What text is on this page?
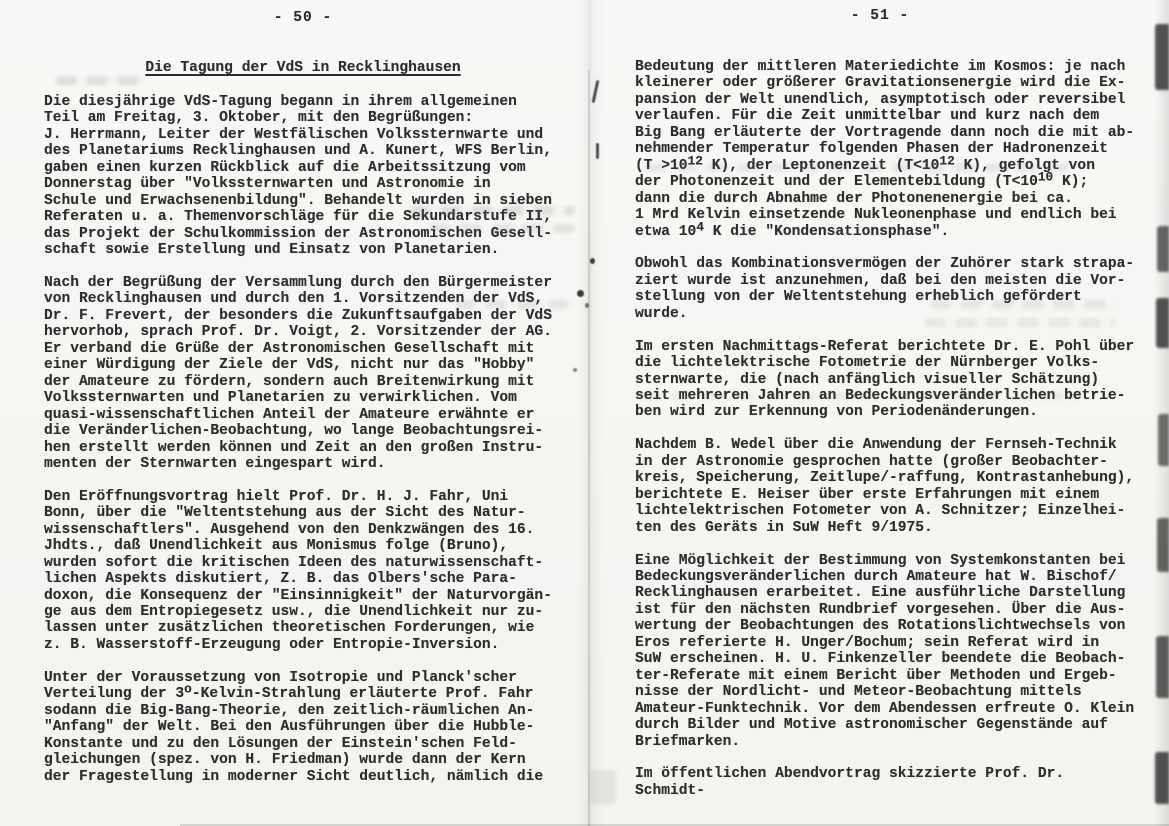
- 50 -
Die Tagung der VdS in Recklinghausen
Die diesjährige VdS-Tagung begann in ihrem allgemeinen
Teil am Freitag, 3. Oktober, mit den Begrüßungen:
J. Herrmann, Leiter der Westfälischen Volkssternwarte und
des Planetariums Recklinghausen und A. Kunert, WFS Berlin,
gaben einen kurzen Rückblick auf die Arbeitssitzung vom
Donnerstag über "Volkssternwarten und Astronomie in
Schule und Erwachsenenbildung". Behandelt wurden in sieben
Referaten u. a. Themenvorschläge für die Sekundarstufe II,
das Projekt der Schulkommission der Astronomischen Gesell-
schaft sowie Erstellung und Einsatz von Planetarien.
Nach der Begrüßung der Versammlung durch den Bürgermeister
von Recklinghausen und durch den 1. Vorsitzenden der VdS,
Dr. F. Frevert, der besonders die Zukunftsaufgaben der VdS
hervorhob, sprach Prof. Dr. Voigt, 2. Vorsitzender der AG.
Er verband die Grüße der Astronomischen Gesellschaft mit
einer Würdigung der Ziele der VdS, nicht nur das "Hobby"
der Amateure zu fördern, sondern auch Breitenwirkung mit
Volkssternwarten und Planetarien zu verwirklichen. Vom
quasi-wissenschaftlichen Anteil der Amateure erwähnte er
die Veränderlichen-Beobachtung, wo lange Beobachtungsrei-
hen erstellt werden können und Zeit an den großen Instru-
menten der Sternwarten eingespart wird.
Den Eröffnungsvortrag hielt Prof. Dr. H. J. Fahr, Uni
Bonn, über die "Weltentstehung aus der Sicht des Natur-
wissenschaftlers". Ausgehend von den Denkzwängen des 16.
Jhdts., daß Unendlichkeit aus Monismus folge (Bruno),
wurden sofort die kritischen Ideen des naturwissenschaft-
lichen Aspekts diskutiert, Z. B. das Olbers'sche Para-
doxon, die Konsequenz der "Einsinnigkeit" der Naturvorgän-
ge aus dem Entropiegesetz usw., die Unendlichkeit nur zu-
lassen unter zusätzlichen theoretischen Forderungen, wie
z. B. Wasserstoff-Erzeugung oder Entropie-Inversion.
Unter der Voraussetzung von Isotropie und Planck'scher
Verteilung der 3$^o$-Kelvin-Strahlung erläuterte Prof. Fahr
sodann die Big-Bang-Theorie, den zeitlich-räumlichen An-
"Anfang" der Welt. Bei den Ausführungen über die Hubble-
Konstante und zu den Lösungen der Einstein'schen Feld-
gleichungen (spez. von H. Friedman) wurde dann der Kern
der Fragestellung in moderner Sicht deutlich, nämlich die
- 51 -
Bedeutung der mittleren Materiedichte im Kosmos: je nach
kleinerer oder größerer Gravitationsenergie wird die Ex-
pansion der Welt unendlich, asymptotisch oder reversibel
verlaufen. Für die Zeit unmittelbar und kurz nach dem
Big Bang erläuterte der Vortragende dann noch die mit ab-
nehmender Temperatur folgenden Phasen der Hadronenzeit
($T >10^{12}$ K), der Leptonenzeit ($T<10^{12}$ K), gefolgt von
der Photonenzeit und der Elementebildung ($T<10^{10}$ K);
dann die durch Abnahme der Photonenenergie bei ca.
1 Mrd Kelvin einsetzende Nukleonenphase und endlich bei
etwa $10^4$ K die "Kondensationsphase".
Obwohl das Kombinationsvermögen der Zuhörer stark strapa-
ziert wurde ist anzunehmen, daß bei den meisten die Vor-
stellung von der Weltentstehung erheblich gefördert
wurde.
Im ersten Nachmittags-Referat berichtete Dr. E. Pohl über
die lichtelektrische Fotometrie der Nürnberger Volks-
sternwarte, die (nach anfänglich visueller Schätzung)
seit mehreren Jahren an Bedeckungsveränderlichen betrie-
ben wird zur Erkennung von Periodenänderungen.
Nachdem B. Wedel über die Anwendung der Fernseh-Technik
in der Astronomie gesprochen hatte (großer Beobachter-
kreis, Speicherung, Zeitlupe/-raffung, Kontrastanhebung),
berichtete E. Heiser über erste Erfahrungen mit einem
lichtelektrischen Fotometer von A. Schnitzer; Einzelhei-
ten des Geräts in SuW Heft 9/1975.
Eine Möglichkeit der Bestimmung von Systemkonstanten bei
Bedeckungsveränderlichen durch Amateure hat W. Bischof/
Recklinghausen erarbeitet. Eine ausführliche Darstellung
ist für den nächsten Rundbrief vorgesehen. Über die Aus-
wertung der Beobachtungen des Rotationslichtwechsels von
Eros referierte H. Unger/Bochum; sein Referat wird in
SuW erscheinen. H. U. Finkenzeller beendete die Beobach-
ter-Referate mit einem Bericht über Methoden und Ergeb-
nisse der Nordlicht- und Meteor-Beobachtung mittels
Amateur-Funktechnik. Vor dem Abendessen erfreute O. Klein
durch Bilder und Motive astronomischer Gegenstände auf
Briefmarken.
Im öffentlichen Abendvortrag skizzierte Prof. Dr. Schmidt-
